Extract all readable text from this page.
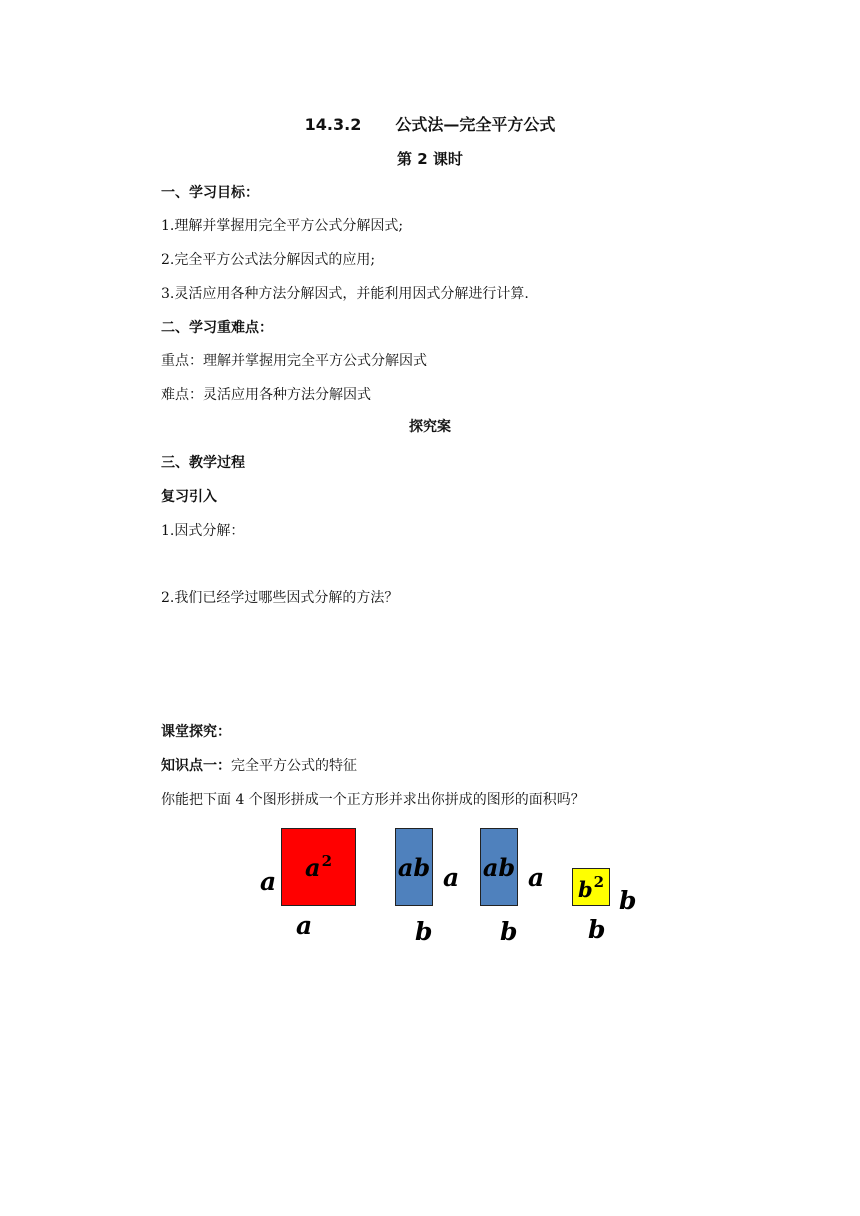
14.3.2 公式法—完全平方公式
第 2 课时
一、学习目标：
1.理解并掌握用完全平方公式分解因式;
2.完全平方公式法分解因式的应用;
3.灵活应用各种方法分解因式，并能利用因式分解进行计算.
二、学习重难点：
重点：理解并掌握用完全平方公式分解因式
难点：灵活应用各种方法分解因式
探究案
三、教学过程
复习引入
1.因式分解：
2.我们已经学过哪些因式分解的方法？
课堂探究：
知识点一：完全平方公式的特征
你能把下面 4 个图形拼成一个正方形并求出你拼成的图形的面积吗？
$a^2$
a
a
ab a
b
ab a
b
$b^2$
b
b
